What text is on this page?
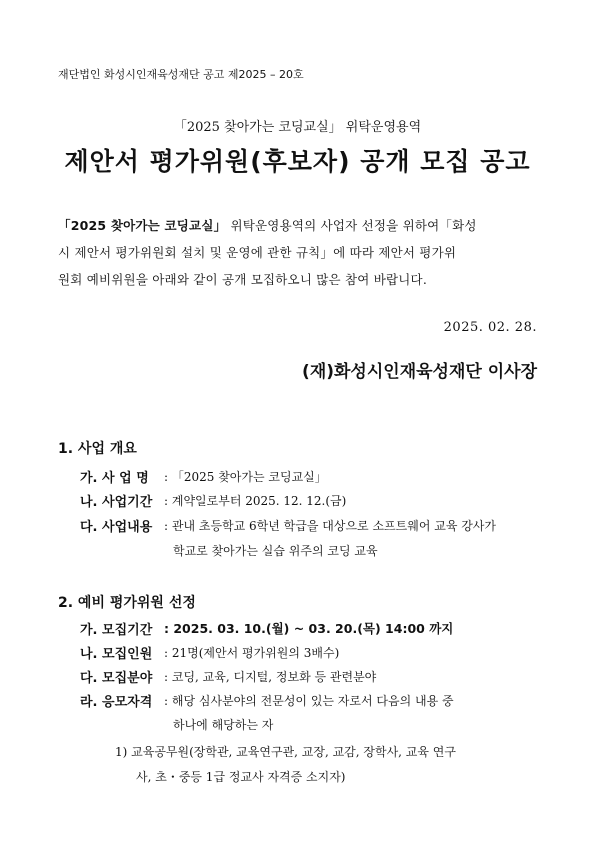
재단법인 화성시인재육성재단 공고 제2025 – 20호
「2025 찾아가는 코딩교실」 위탁운영용역
제안서 평가위원(후보자) 공개 모집 공고
「2025 찾아가는 코딩교실」 위탁운영용역의 사업자 선정을 위하여「화성
시 제안서 평가위원회 설치 및 운영에 관한 규칙」에 따라 제안서 평가위
원회 예비위원을 아래와 같이 공개 모집하오니 많은 참여 바랍니다.
2025. 02. 28.
(재)화성시인재육성재단 이사장
1. 사업 개요
가. 사 업 명 : 「2025 찾아가는 코딩교실」
나. 사업기간 : 계약일로부터 2025. 12. 12.(금)
다. 사업내용 : 관내 초등학교 6학년 학급을 대상으로 소프트웨어 교육 강사가
학교로 찾아가는 실습 위주의 코딩 교육
2. 예비 평가위원 선정
가. 모집기간 : 2025. 03. 10.(월) ~ 03. 20.(목) 14:00 까지
나. 모집인원 : 21명(제안서 평가위원의 3배수)
다. 모집분야 : 코딩, 교육, 디지털, 정보화 등 관련분야
라. 응모자격 : 해당 심사분야의 전문성이 있는 자로서 다음의 내용 중
하나에 해당하는 자
1) 교육공무원(장학관, 교육연구관, 교장, 교감, 장학사, 교육 연구
사, 초・중등 1급 정교사 자격증 소지자)
